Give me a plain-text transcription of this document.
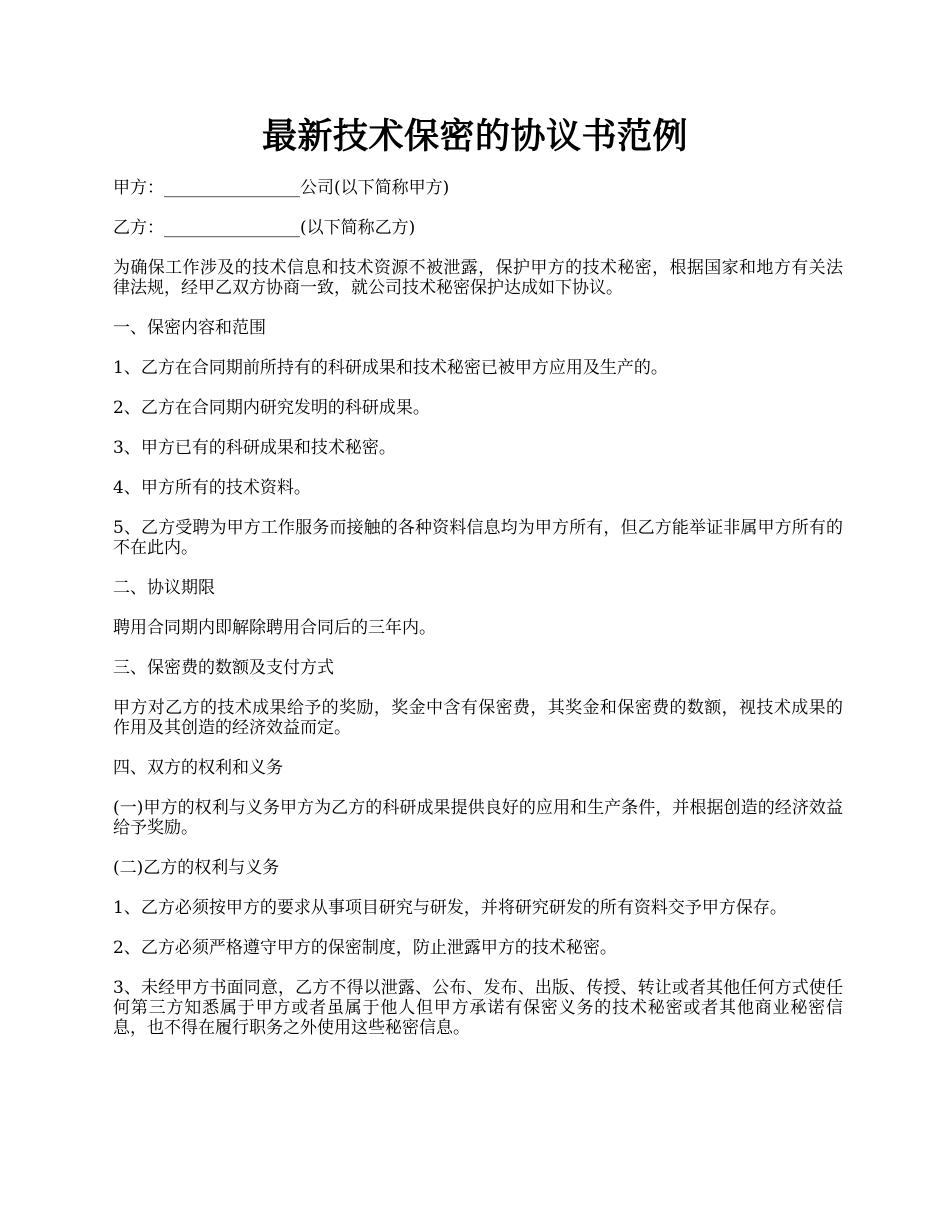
最新技术保密的协议书范例

甲方：________________公司(以下简称甲方)

乙方：________________(以下简称乙方)

为确保工作涉及的技术信息和技术资源不被泄露，保护甲方的技术秘密，根据国家和地方有关法律法规，经甲乙双方协商一致，就公司技术秘密保护达成如下协议。

一、保密内容和范围

1、乙方在合同期前所持有的科研成果和技术秘密已被甲方应用及生产的。

2、乙方在合同期内研究发明的科研成果。

3、甲方已有的科研成果和技术秘密。

4、甲方所有的技术资料。

5、乙方受聘为甲方工作服务而接触的各种资料信息均为甲方所有，但乙方能举证非属甲方所有的不在此内。

二、协议期限

聘用合同期内即解除聘用合同后的三年内。

三、保密费的数额及支付方式

甲方对乙方的技术成果给予的奖励，奖金中含有保密费，其奖金和保密费的数额，视技术成果的作用及其创造的经济效益而定。

四、双方的权利和义务

(一)甲方的权利与义务甲方为乙方的科研成果提供良好的应用和生产条件，并根据创造的经济效益给予奖励。

(二)乙方的权利与义务

1、乙方必须按甲方的要求从事项目研究与研发，并将研究研发的所有资料交予甲方保存。

2、乙方必须严格遵守甲方的保密制度，防止泄露甲方的技术秘密。

3、未经甲方书面同意，乙方不得以泄露、公布、发布、出版、传授、转让或者其他任何方式使任何第三方知悉属于甲方或者虽属于他人但甲方承诺有保密义务的技术秘密或者其他商业秘密信息，也不得在履行职务之外使用这些秘密信息。
